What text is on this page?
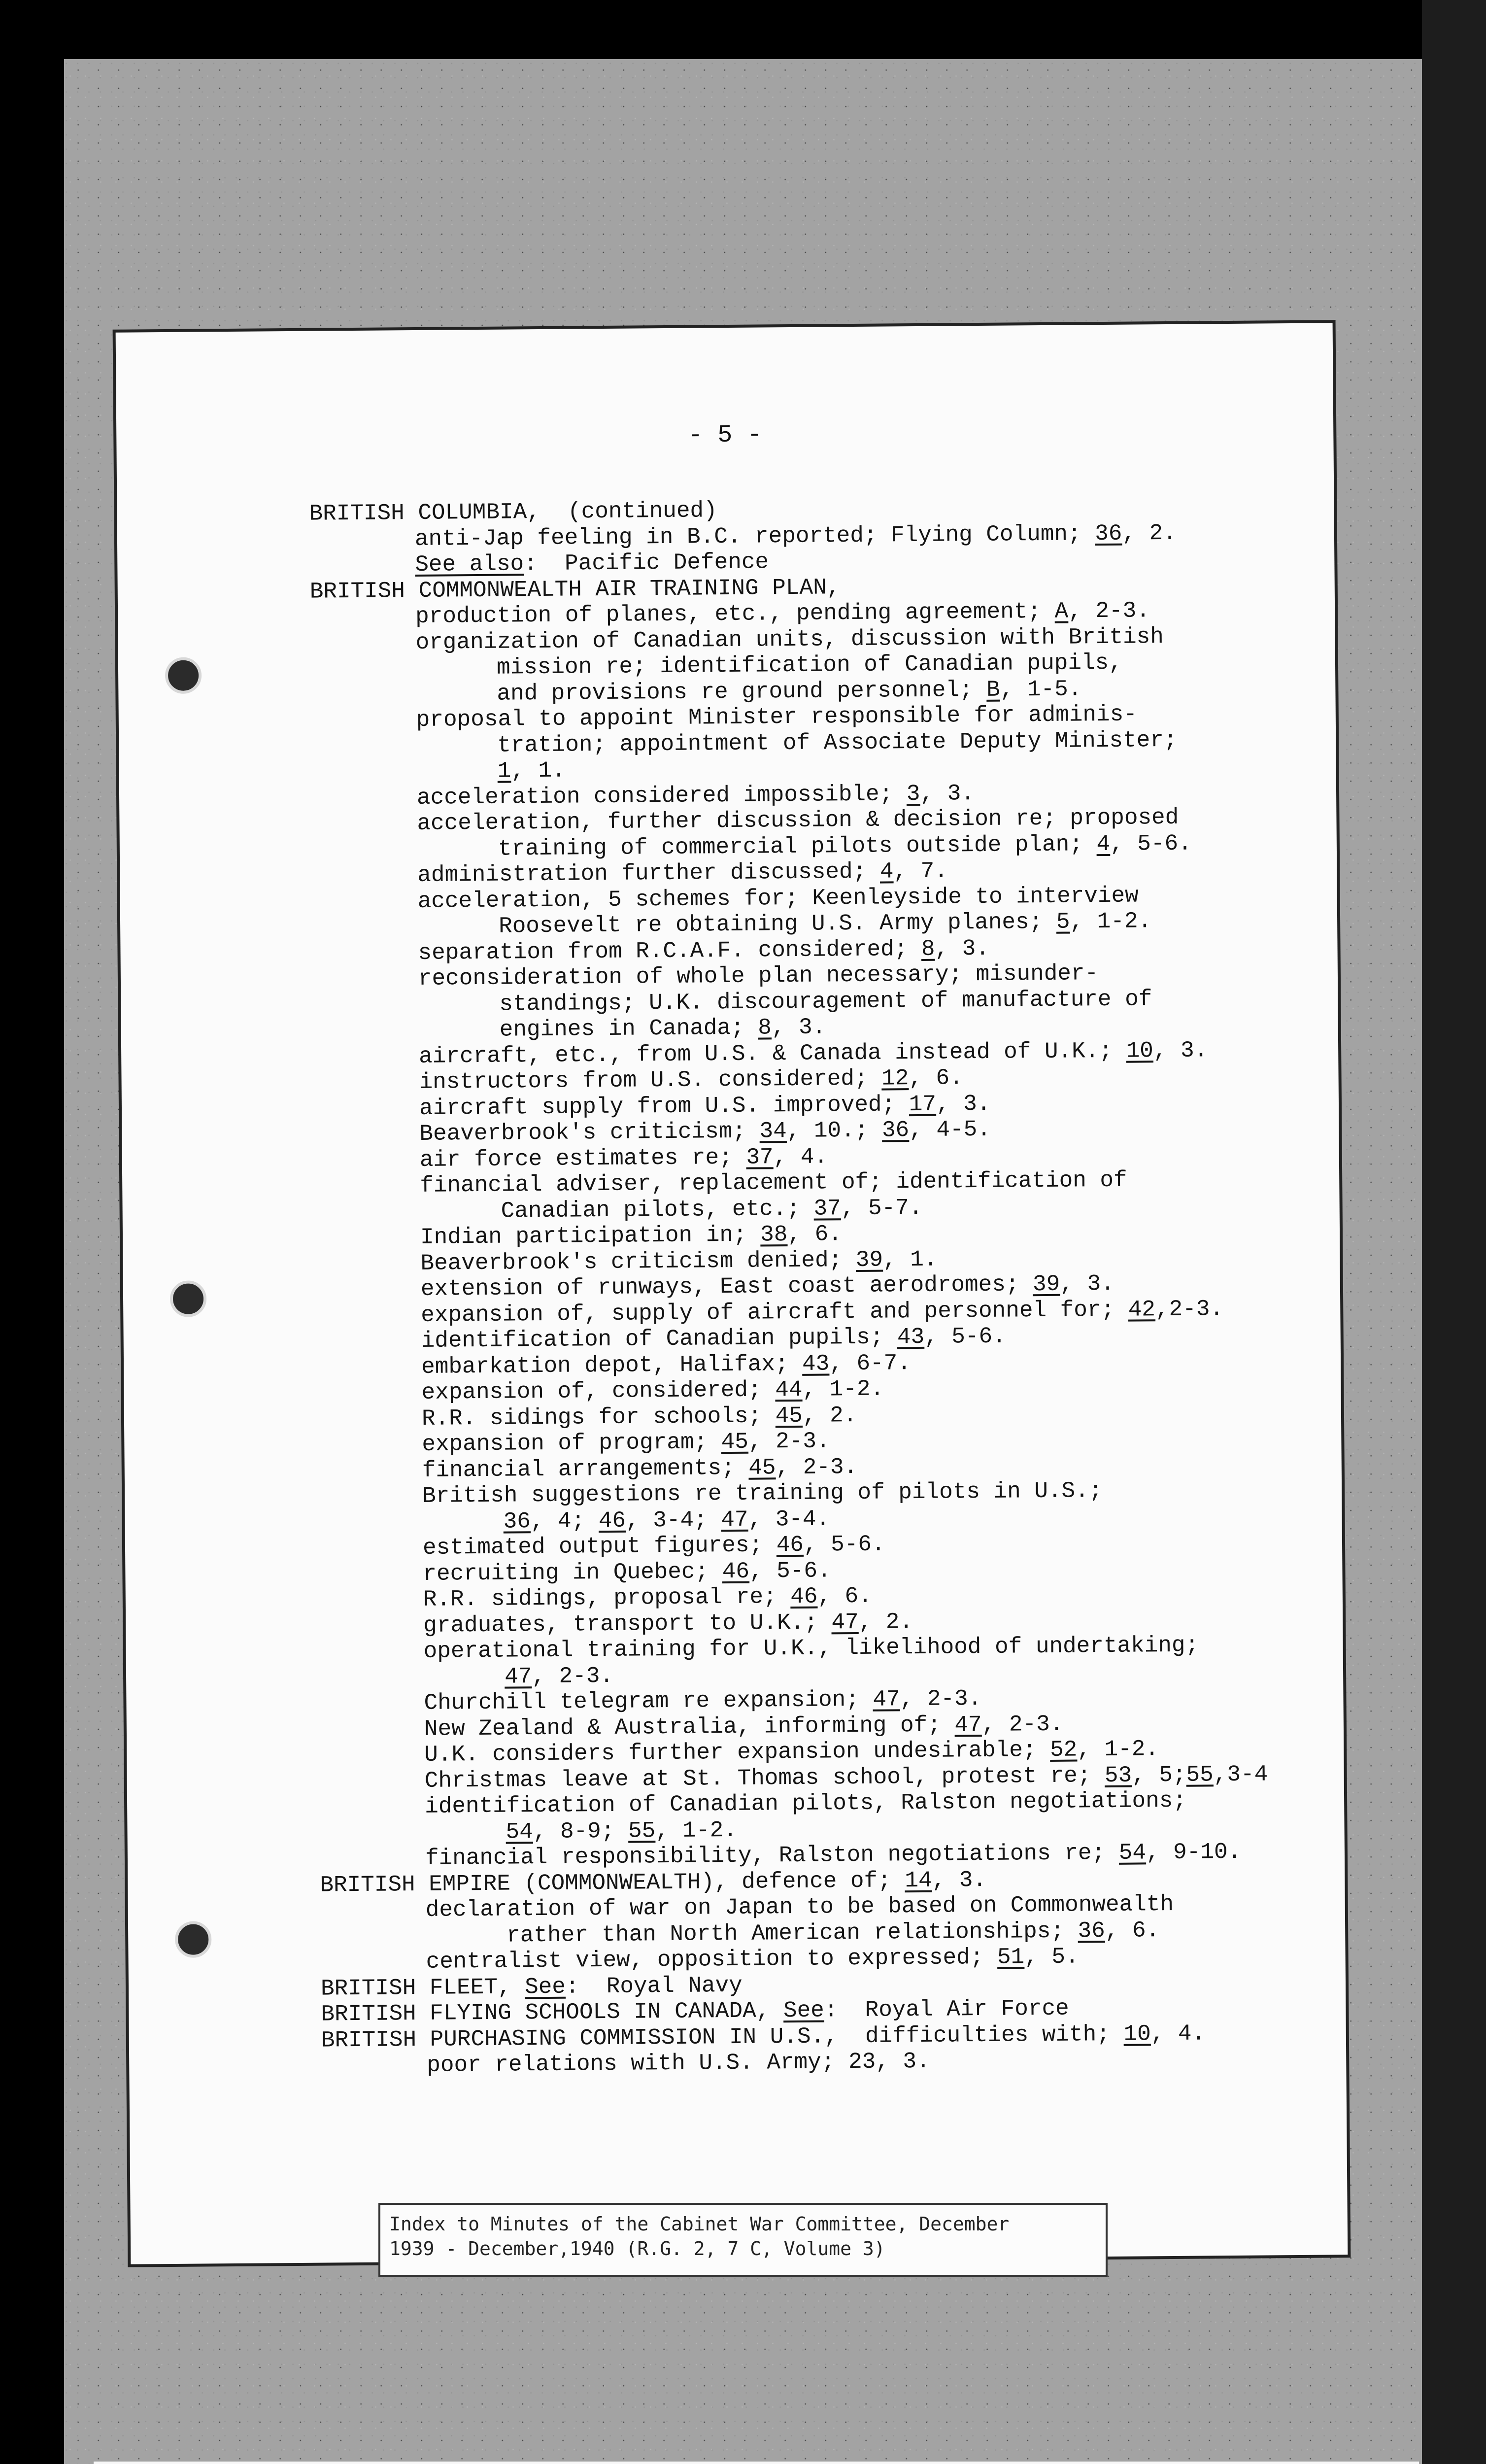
- 5 -
BRITISH COLUMBIA,  (continued)
anti-Jap feeling in B.C. reported; Flying Column; 36, 2.
See also:  Pacific Defence
BRITISH COMMONWEALTH AIR TRAINING PLAN,
production of planes, etc., pending agreement; A, 2-3.
organization of Canadian units, discussion with British
mission re; identification of Canadian pupils,
and provisions re ground personnel; B, 1-5.
proposal to appoint Minister responsible for adminis-
tration; appointment of Associate Deputy Minister;
1, 1.
acceleration considered impossible; 3, 3.
acceleration, further discussion & decision re; proposed
training of commercial pilots outside plan; 4, 5-6.
administration further discussed; 4, 7.
acceleration, 5 schemes for; Keenleyside to interview
Roosevelt re obtaining U.S. Army planes; 5, 1-2.
separation from R.C.A.F. considered; 8, 3.
reconsideration of whole plan necessary; misunder-
standings; U.K. discouragement of manufacture of
engines in Canada; 8, 3.
aircraft, etc., from U.S. & Canada instead of U.K.; 10, 3.
instructors from U.S. considered; 12, 6.
aircraft supply from U.S. improved; 17, 3.
Beaverbrook's criticism; 34, 10.; 36, 4-5.
air force estimates re; 37, 4.
financial adviser, replacement of; identification of
Canadian pilots, etc.; 37, 5-7.
Indian participation in; 38, 6.
Beaverbrook's criticism denied; 39, 1.
extension of runways, East coast aerodromes; 39, 3.
expansion of, supply of aircraft and personnel for; 42,2-3.
identification of Canadian pupils; 43, 5-6.
embarkation depot, Halifax; 43, 6-7.
expansion of, considered; 44, 1-2.
R.R. sidings for schools; 45, 2.
expansion of program; 45, 2-3.
financial arrangements; 45, 2-3.
British suggestions re training of pilots in U.S.;
36, 4; 46, 3-4; 47, 3-4.
estimated output figures; 46, 5-6.
recruiting in Quebec; 46, 5-6.
R.R. sidings, proposal re; 46, 6.
graduates, transport to U.K.; 47, 2.
operational training for U.K., likelihood of undertaking;
47, 2-3.
Churchill telegram re expansion; 47, 2-3.
New Zealand & Australia, informing of; 47, 2-3.
U.K. considers further expansion undesirable; 52, 1-2.
Christmas leave at St. Thomas school, protest re; 53, 5;55,3-4
identification of Canadian pilots, Ralston negotiations;
54, 8-9; 55, 1-2.
financial responsibility, Ralston negotiations re; 54, 9-10.
BRITISH EMPIRE (COMMONWEALTH), defence of; 14, 3.
declaration of war on Japan to be based on Commonwealth
rather than North American relationships; 36, 6.
centralist view, opposition to expressed; 51, 5.
BRITISH FLEET, See:  Royal Navy
BRITISH FLYING SCHOOLS IN CANADA, See:  Royal Air Force
BRITISH PURCHASING COMMISSION IN U.S.,  difficulties with; 10, 4.
poor relations with U.S. Army; 23, 3.
Index to Minutes of the Cabinet War Committee, December
1939 - December,1940 (R.G. 2, 7 C, Volume 3)
